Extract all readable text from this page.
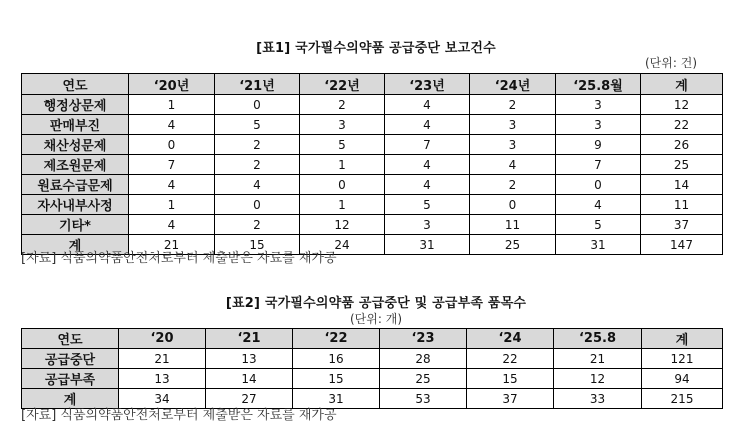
[표1] 국가필수의약품 공급중단 보고건수
(단위: 건)
연도	‘20년	‘21년	‘22년	‘23년	‘24년	‘25.8월	계
행정상문제	1	0	2	4	2	3	12
판매부진	4	5	3	4	3	3	22
채산성문제	0	2	5	7	3	9	26
제조원문제	7	2	1	4	4	7	25
원료수급문제	4	4	0	4	2	0	14
자사내부사정	1	0	1	5	0	4	11
기타*	4	2	12	3	11	5	37
계	21	15	24	31	25	31	147
[자료] 식품의약품안전처로부터 제출받은 자료를 재가공
[표2] 국가필수의약품 공급중단 및 공급부족 품목수
(단위: 개)
연도	‘20	‘21	‘22	‘23	‘24	‘25.8	계
공급중단	21	13	16	28	22	21	121
공급부족	13	14	15	25	15	12	94
계	34	27	31	53	37	33	215
[자료] 식품의약품안전처로부터 제출받은 자료를 재가공
